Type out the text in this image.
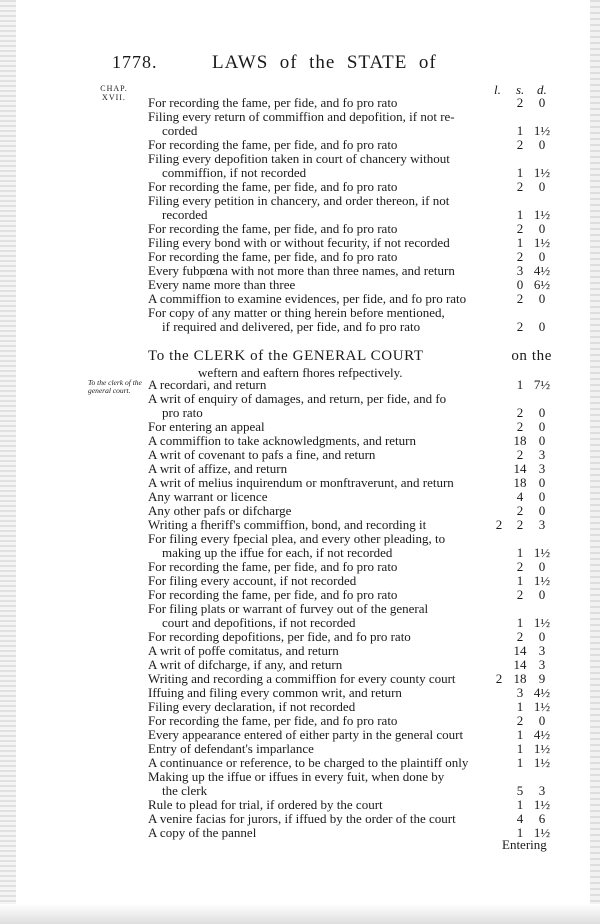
1778.	LAWS  of  the  STATE  of
CHAP.
XVII.
l. s. d.
For recording the fame, per fide, and fo pro rato	2	0
Filing every return of commiffion and depofition, if not re-
corded	1 1½
For recording the fame, per fide, and fo pro rato	2	0
Filing every depofition taken in court of chancery without
commiffion, if not recorded	1 1½
For recording the fame, per fide, and fo pro rato	2	0
Filing every petition in chancery, and order thereon, if not
recorded	1 1½
For recording the fame, per fide, and fo pro rato	2	0
Filing every bond with or without fecurity, if not recorded	1 1½
For recording the fame, per fide, and fo pro rato	2	0
Every fubpœna with not more than three names, and return	3 4½
Every name more than three	0 6½
A commiffion to examine evidences, per fide, and fo pro rato	2	0
For copy of any matter or thing herein before mentioned,
if required and delivered, per fide, and fo pro rato	2	0
To the CLERK of the GENERAL COURT	on the
weftern and eaftern fhores refpectively.
To the clerk of the general court.	A recordari, and return	1 7½
A writ of enquiry of damages, and return, per fide, and fo
pro rato	2	0
For entering an appeal	2	0
A commiffion to take acknowledgments, and return	18 0
A writ of covenant to pafs a fine, and return	2	3
A writ of affize, and return	14 3
A writ of melius inquirendum or monftraverunt, and return	18 0
Any warrant or licence	4	0
Any other pafs or difcharge	2	0
Writing a fheriff's commiffion, bond, and recording it	2	2	3
For filing every fpecial plea, and every other pleading, to
making up the iffue for each, if not recorded	1 1½
For recording the fame, per fide, and fo pro rato	2	0
For filing every account, if not recorded	1 1½
For recording the fame, per fide, and fo pro rato	2	0
For filing plats or warrant of furvey out of the general
court and depofitions, if not recorded	1 1½
For recording depofitions, per fide, and fo pro rato	2	0
A writ of poffe comitatus, and return	14 3
A writ of difcharge, if any, and return	14 3
Writing and recording a commiffion for every county court	2 18 9
Iffuing and filing every common writ, and return	3 4½
Filing every declaration, if not recorded	1 1½
For recording the fame, per fide, and fo pro rato	2	0
Every appearance entered of either party in the general court	1 4½
Entry of defendant's imparlance	1 1½
A continuance or reference, to be charged to the plaintiff only	1 1½
Making up the iffue or iffues in every fuit, when done by
the clerk	5	3
Rule to plead for trial, if ordered by the court	1 1½
A venire facias for jurors, if iffued by the order of the court	4	6
A copy of the pannel	1 1½
Entering
